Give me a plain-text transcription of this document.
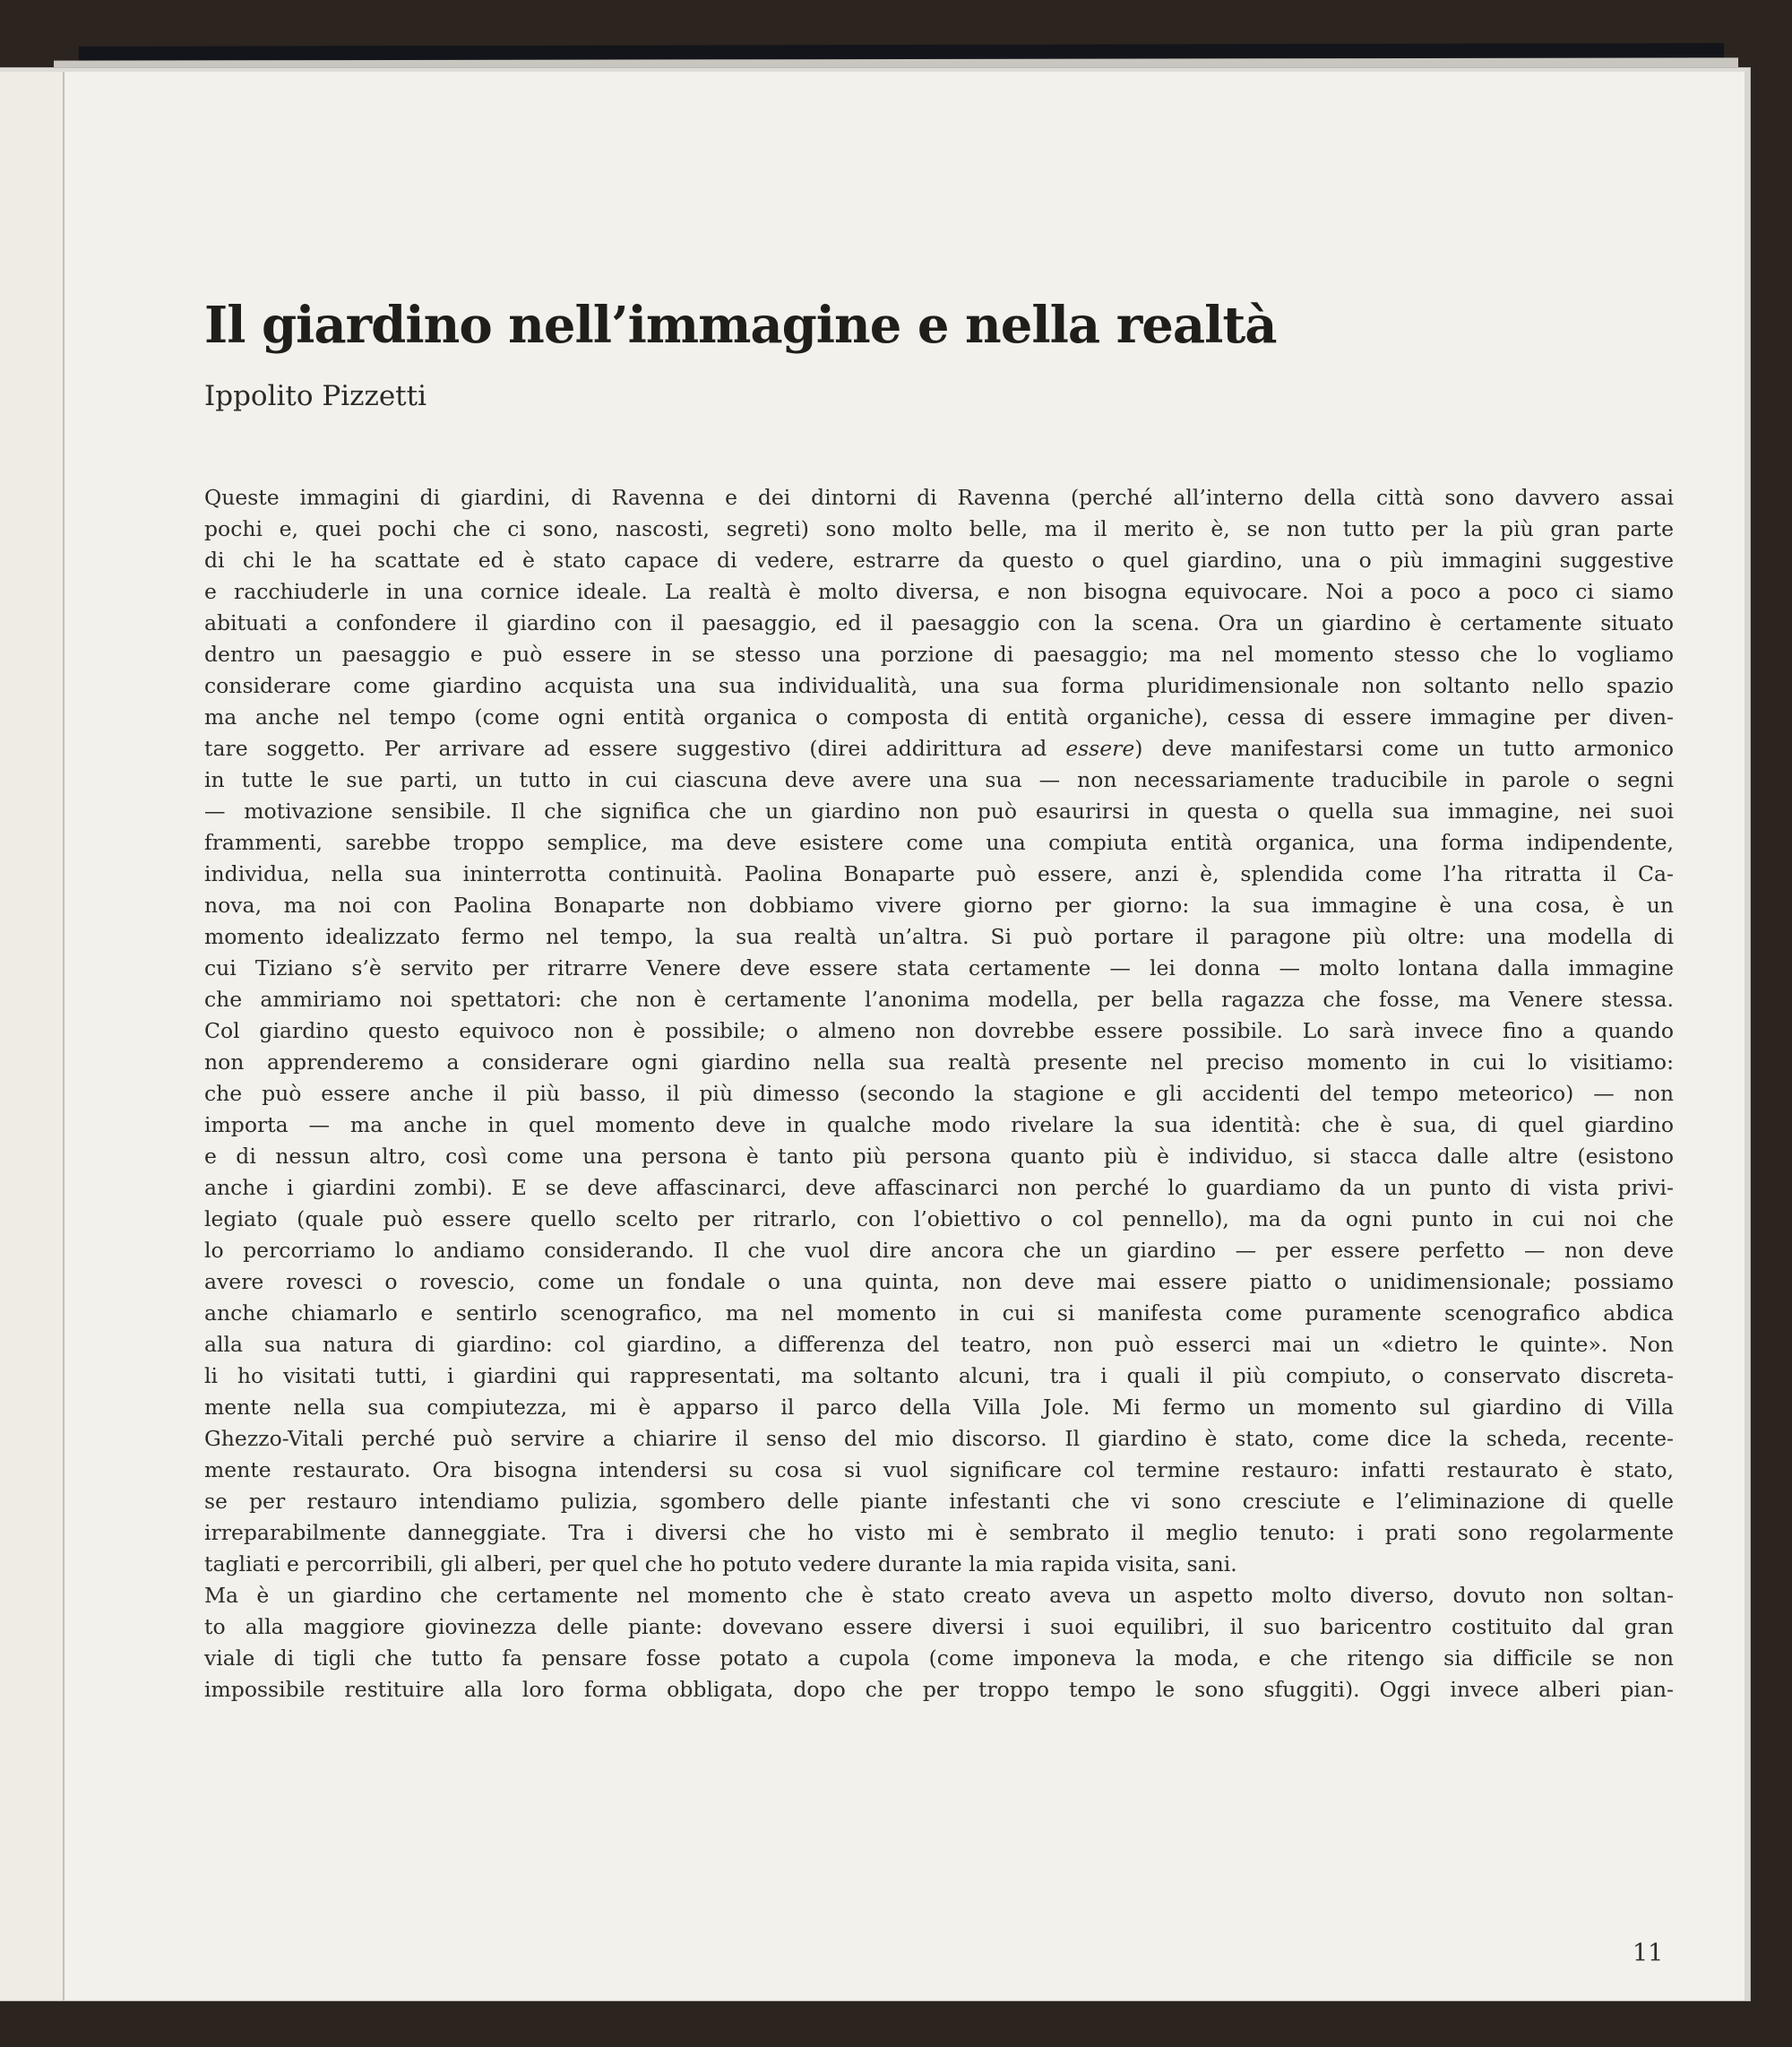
Il giardino nell’immagine e nella realtà
Ippolito Pizzetti
Queste immagini di giardini, di Ravenna e dei dintorni di Ravenna (perché all’interno della città sono davvero assai
pochi e, quei pochi che ci sono, nascosti, segreti) sono molto belle, ma il merito è, se non tutto per la più gran parte
di chi le ha scattate ed è stato capace di vedere, estrarre da questo o quel giardino, una o più immagini suggestive
e racchiuderle in una cornice ideale. La realtà è molto diversa, e non bisogna equivocare. Noi a poco a poco ci siamo
abituati a confondere il giardino con il paesaggio, ed il paesaggio con la scena. Ora un giardino è certamente situato
dentro un paesaggio e può essere in se stesso una porzione di paesaggio; ma nel momento stesso che lo vogliamo
considerare come giardino acquista una sua individualità, una sua forma pluridimensionale non soltanto nello spazio
ma anche nel tempo (come ogni entità organica o composta di entità organiche), cessa di essere immagine per diven-
tare soggetto. Per arrivare ad essere suggestivo (direi addirittura ad essere) deve manifestarsi come un tutto armonico
in tutte le sue parti, un tutto in cui ciascuna deve avere una sua — non necessariamente traducibile in parole o segni
— motivazione sensibile. Il che significa che un giardino non può esaurirsi in questa o quella sua immagine, nei suoi
frammenti, sarebbe troppo semplice, ma deve esistere come una compiuta entità organica, una forma indipendente,
individua, nella sua ininterrotta continuità. Paolina Bonaparte può essere, anzi è, splendida come l’ha ritratta il Ca-
nova, ma noi con Paolina Bonaparte non dobbiamo vivere giorno per giorno: la sua immagine è una cosa, è un
momento idealizzato fermo nel tempo, la sua realtà un’altra. Si può portare il paragone più oltre: una modella di
cui Tiziano s’è servito per ritrarre Venere deve essere stata certamente — lei donna — molto lontana dalla immagine
che ammiriamo noi spettatori: che non è certamente l’anonima modella, per bella ragazza che fosse, ma Venere stessa.
Col giardino questo equivoco non è possibile; o almeno non dovrebbe essere possibile. Lo sarà invece fino a quando
non apprenderemo a considerare ogni giardino nella sua realtà presente nel preciso momento in cui lo visitiamo:
che può essere anche il più basso, il più dimesso (secondo la stagione e gli accidenti del tempo meteorico) — non
importa — ma anche in quel momento deve in qualche modo rivelare la sua identità: che è sua, di quel giardino
e di nessun altro, così come una persona è tanto più persona quanto più è individuo, si stacca dalle altre (esistono
anche i giardini zombi). E se deve affascinarci, deve affascinarci non perché lo guardiamo da un punto di vista privi-
legiato (quale può essere quello scelto per ritrarlo, con l’obiettivo o col pennello), ma da ogni punto in cui noi che
lo percorriamo lo andiamo considerando. Il che vuol dire ancora che un giardino — per essere perfetto — non deve
avere rovesci o rovescio, come un fondale o una quinta, non deve mai essere piatto o unidimensionale; possiamo
anche chiamarlo e sentirlo scenografico, ma nel momento in cui si manifesta come puramente scenografico abdica
alla sua natura di giardino: col giardino, a differenza del teatro, non può esserci mai un «dietro le quinte». Non
li ho visitati tutti, i giardini qui rappresentati, ma soltanto alcuni, tra i quali il più compiuto, o conservato discreta-
mente nella sua compiutezza, mi è apparso il parco della Villa Jole. Mi fermo un momento sul giardino di Villa
Ghezzo-Vitali perché può servire a chiarire il senso del mio discorso. Il giardino è stato, come dice la scheda, recente-
mente restaurato. Ora bisogna intendersi su cosa si vuol significare col termine restauro: infatti restaurato è stato,
se per restauro intendiamo pulizia, sgombero delle piante infestanti che vi sono cresciute e l’eliminazione di quelle
irreparabilmente danneggiate. Tra i diversi che ho visto mi è sembrato il meglio tenuto: i prati sono regolarmente
tagliati e percorribili, gli alberi, per quel che ho potuto vedere durante la mia rapida visita, sani.
Ma è un giardino che certamente nel momento che è stato creato aveva un aspetto molto diverso, dovuto non soltan-
to alla maggiore giovinezza delle piante: dovevano essere diversi i suoi equilibri, il suo baricentro costituito dal gran
viale di tigli che tutto fa pensare fosse potato a cupola (come imponeva la moda, e che ritengo sia difficile se non
impossibile restituire alla loro forma obbligata, dopo che per troppo tempo le sono sfuggiti). Oggi invece alberi pian-
11
